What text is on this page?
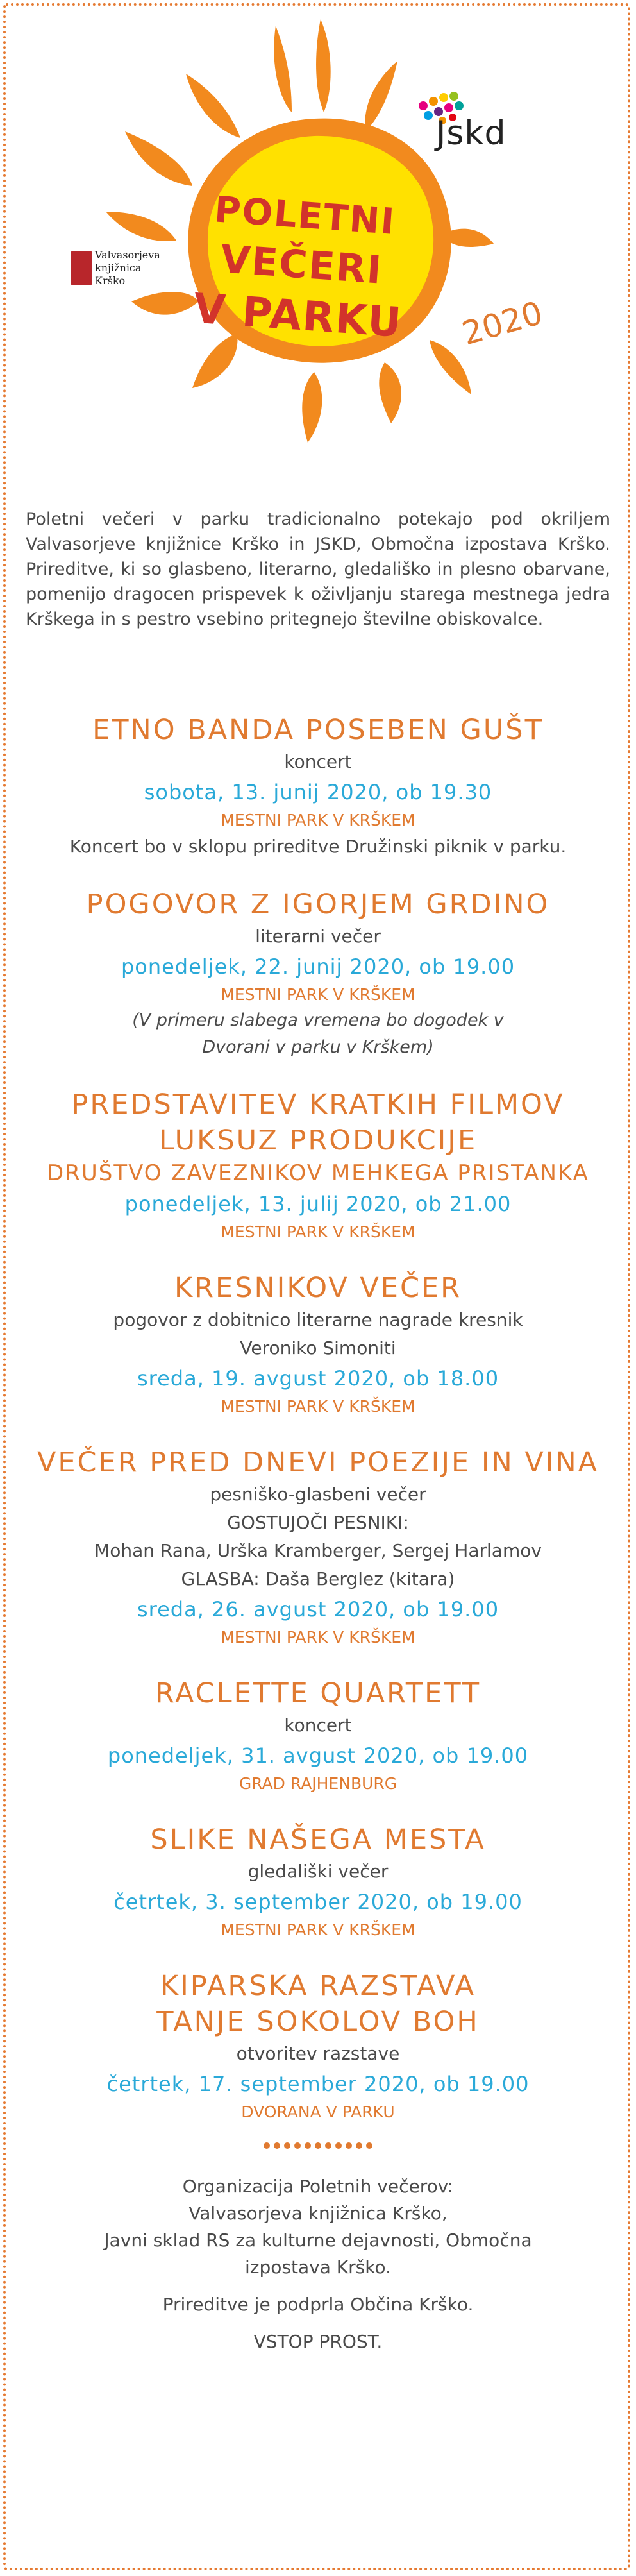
POLETNI
VEČERI
V PARKU	2020
Jskd
Valvasorjeva
knjižnica
Krško
Poletni večeri v parku tradicionalno potekajo pod okriljem Valvasorjeve knjižnice Krško in JSKD, Območna izpostava Krško. Prireditve, ki so glasbeno, literarno, gledališko in plesno obarvane, pomenijo dragocen prispevek k oživljanju starega mestnega jedra Krškega in s pestro vsebino pritegnejo številne obiskovalce.
ETNO BANDA POSEBEN GUŠT
koncert
sobota, 13. junij 2020, ob 19.30
MESTNI PARK V KRŠKEM
Koncert bo v sklopu prireditve Družinski piknik v parku.
POGOVOR Z IGORJEM GRDINO
literarni večer
ponedeljek, 22. junij 2020, ob 19.00
MESTNI PARK V KRŠKEM
(V primeru slabega vremena bo dogodek v
Dvorani v parku v Krškem)
PREDSTAVITEV KRATKIH FILMOV
LUKSUZ PRODUKCIJE
DRUŠTVO ZAVEZNIKOV MEHKEGA PRISTANKA
ponedeljek, 13. julij 2020, ob 21.00
MESTNI PARK V KRŠKEM
KRESNIKOV VEČER
pogovor z dobitnico literarne nagrade kresnik
Veroniko Simoniti
sreda, 19. avgust 2020, ob 18.00
MESTNI PARK V KRŠKEM
VEČER PRED DNEVI POEZIJE IN VINA
pesniško-glasbeni večer
GOSTUJOČI PESNIKI:
Mohan Rana, Urška Kramberger, Sergej Harlamov
GLASBA: Daša Berglez (kitara)
sreda, 26. avgust 2020, ob 19.00
MESTNI PARK V KRŠKEM
RACLETTE QUARTETT
koncert
ponedeljek, 31. avgust 2020, ob 19.00
GRAD RAJHENBURG
SLIKE NAŠEGA MESTA
gledališki večer
četrtek, 3. september 2020, ob 19.00
MESTNI PARK V KRŠKEM
KIPARSKA RAZSTAVA
TANJE SOKOLOV BOH
otvoritev razstave
četrtek, 17. september 2020, ob 19.00
DVORANA V PARKU
Organizacija Poletnih večerov:
Valvasorjeva knjižnica Krško,
Javni sklad RS za kulturne dejavnosti, Območna
izpostava Krško.
Prireditve je podprla Občina Krško.
VSTOP PROST.
